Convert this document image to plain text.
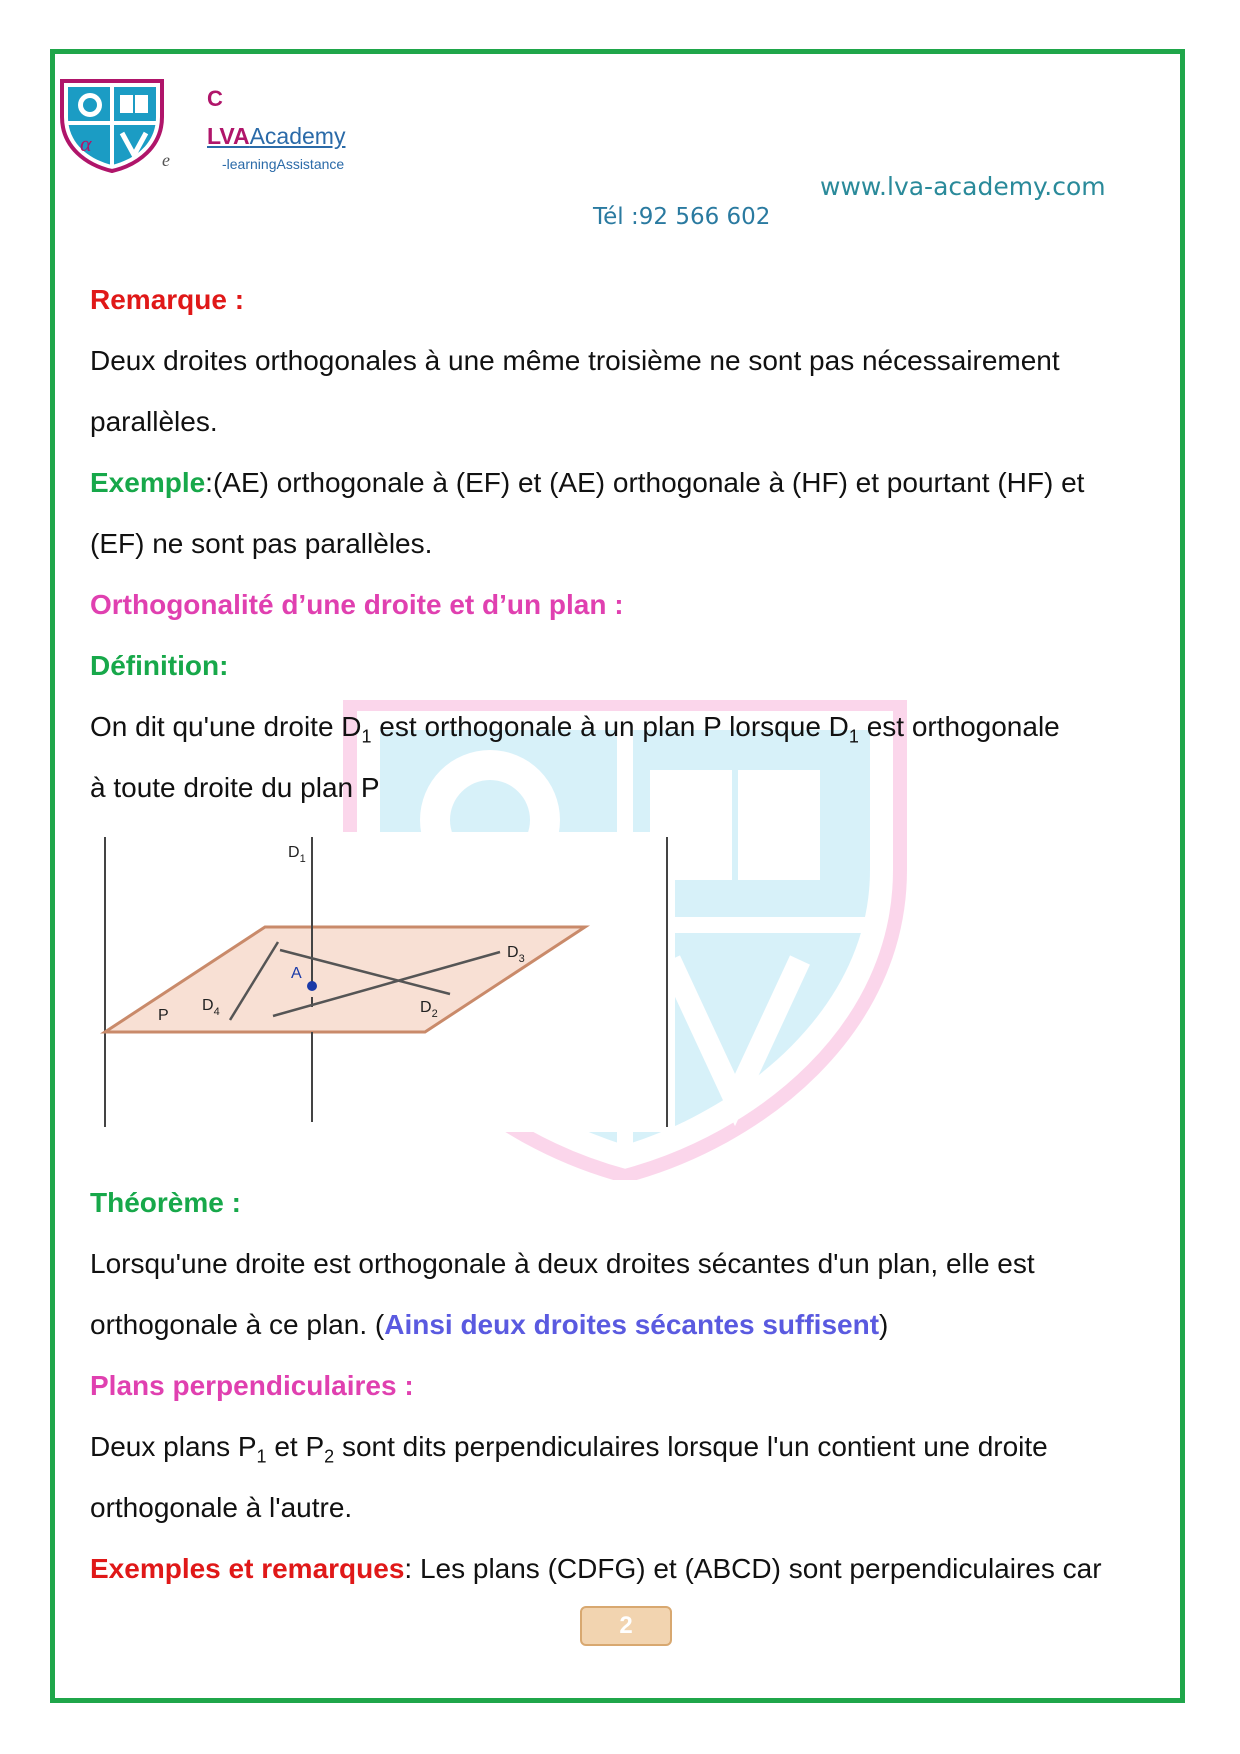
α
C
LVAAcademy
e	-learningAssistance
www.lva-academy.com
Tél :92 566 602
Remarque :
Deux droites orthogonales à une même troisième ne sont pas nécessairement
parallèles.
Exemple:(AE) orthogonale à (EF) et (AE) orthogonale à (HF) et pourtant (HF) et
(EF) ne sont pas parallèles.
Orthogonalité d’une droite et d’un plan :
Définition:
On dit qu'une droite $D_1$ est orthogonale à un plan P lorsque $D_1$ est orthogonale
à toute droite du plan P
A
P
$D_1$
$D_3$
$D_2$
$D_4$
Théorème :
Lorsqu'une droite est orthogonale à deux droites sécantes d'un plan, elle est
orthogonale à ce plan. (Ainsi deux droites sécantes suffisent)
Plans perpendiculaires :
Deux plans $P_1$ et $P_2$ sont dits perpendiculaires lorsque l'un contient une droite
orthogonale à l'autre.
Exemples et remarques: Les plans (CDFG) et (ABCD) sont perpendiculaires car
2
